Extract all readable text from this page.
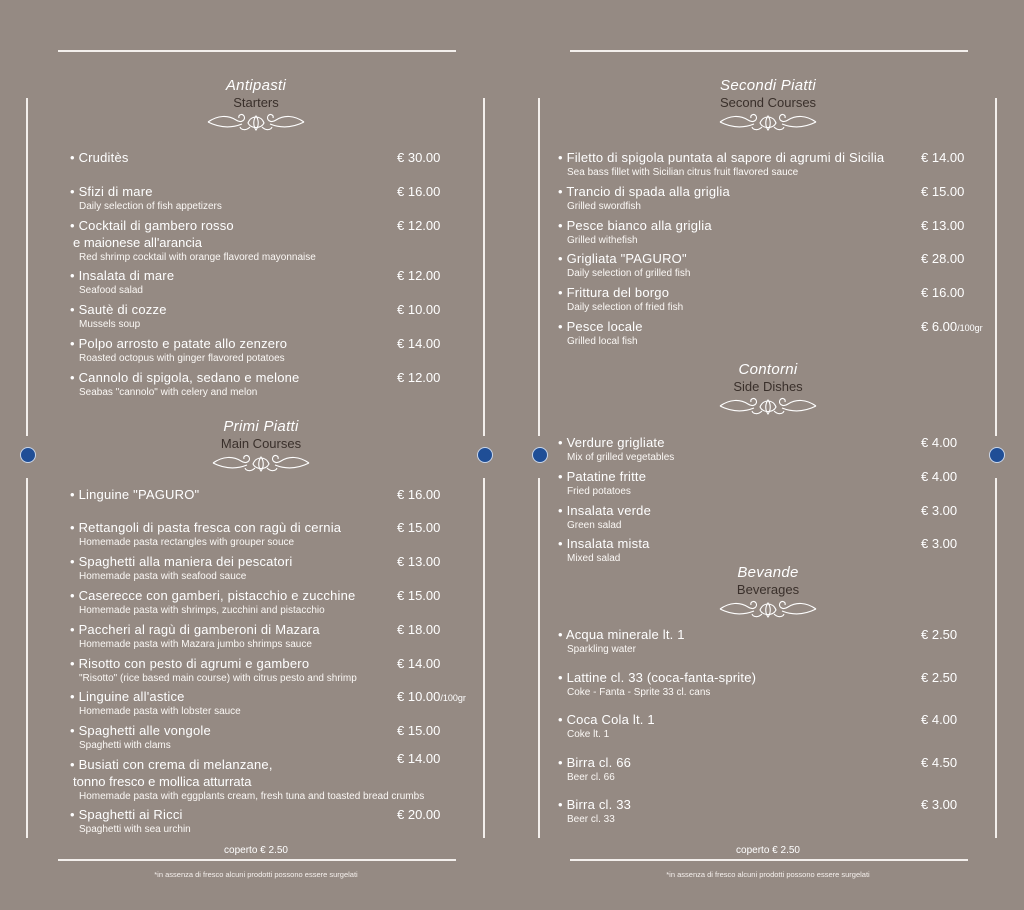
Antipasti
Starters
• Cruditès	€ 30.00
• Sfizi di mare
Daily selection of fish appetizers
€ 16.00
• Cocktail di gambero rosso
e maionese all'arancia
Red shrimp cocktail with orange flavored mayonnaise
€ 12.00
• Insalata di mare
Seafood salad
€ 12.00
• Sautè di cozze
Mussels soup
€ 10.00
• Polpo arrosto e patate allo zenzero
Roasted octopus with ginger flavored potatoes
€ 14.00
• Cannolo di spigola, sedano e melone
Seabas "cannolo" with celery and melon
€ 12.00
Primi Piatti
Main Courses
• Linguine "PAGURO"	€ 16.00
• Rettangoli di pasta fresca con ragù di cernia
Homemade pasta rectangles with grouper souce
€ 15.00
• Spaghetti alla maniera dei pescatori
Homemade pasta with seafood sauce
€ 13.00
• Caserecce con gamberi, pistacchio e zucchine
Homemade pasta with shrimps, zucchini and pistacchio
€ 15.00
• Paccheri al ragù di gamberoni di Mazara
Homemade pasta with Mazara jumbo shrimps sauce
€ 18.00
• Risotto con pesto di agrumi e gambero
"Risotto" (rice based main course) with citrus pesto and shrimp
€ 14.00
• Linguine all'astice
Homemade pasta with lobster sauce
€ 10.00/100gr
• Spaghetti alle vongole
Spaghetti with clams
€ 15.00
• Busiati con crema di melanzane,
tonno fresco e mollica atturrata
Homemade pasta with eggplants cream, fresh tuna and toasted bread crumbs
€ 14.00
• Spaghetti ai Ricci
Spaghetti with sea urchin
€ 20.00
coperto € 2.50
*in assenza di fresco alcuni prodotti possono essere surgelati
Secondi Piatti
Second Courses
• Filetto di spigola puntata al sapore di agrumi di Sicilia
Sea bass fillet with Sicilian citrus fruit flavored sauce
€ 14.00
• Trancio di spada alla griglia
Grilled swordfish
€ 15.00
• Pesce bianco alla griglia
Grilled withefish
€ 13.00
• Grigliata "PAGURO"
Daily selection of grilled fish
€ 28.00
• Frittura del borgo
Daily selection of fried fish
€ 16.00
• Pesce locale
Grilled local fish
€ 6.00/100gr
Contorni
Side Dishes
• Verdure grigliate
Mix of grilled vegetables
€ 4.00
• Patatine fritte
Fried potatoes
€ 4.00
• Insalata verde
Green salad
€ 3.00
• Insalata mista
Mixed salad
€ 3.00
Bevande
Beverages
• Acqua minerale lt. 1
Sparkling water
€ 2.50
• Lattine cl. 33 (coca-fanta-sprite)
Coke - Fanta - Sprite 33 cl. cans
€ 2.50
• Coca Cola lt. 1
Coke lt. 1
€ 4.00
• Birra cl. 66
Beer cl. 66
€ 4.50
• Birra cl. 33
Beer cl. 33
€ 3.00
coperto € 2.50
*in assenza di fresco alcuni prodotti possono essere surgelati
